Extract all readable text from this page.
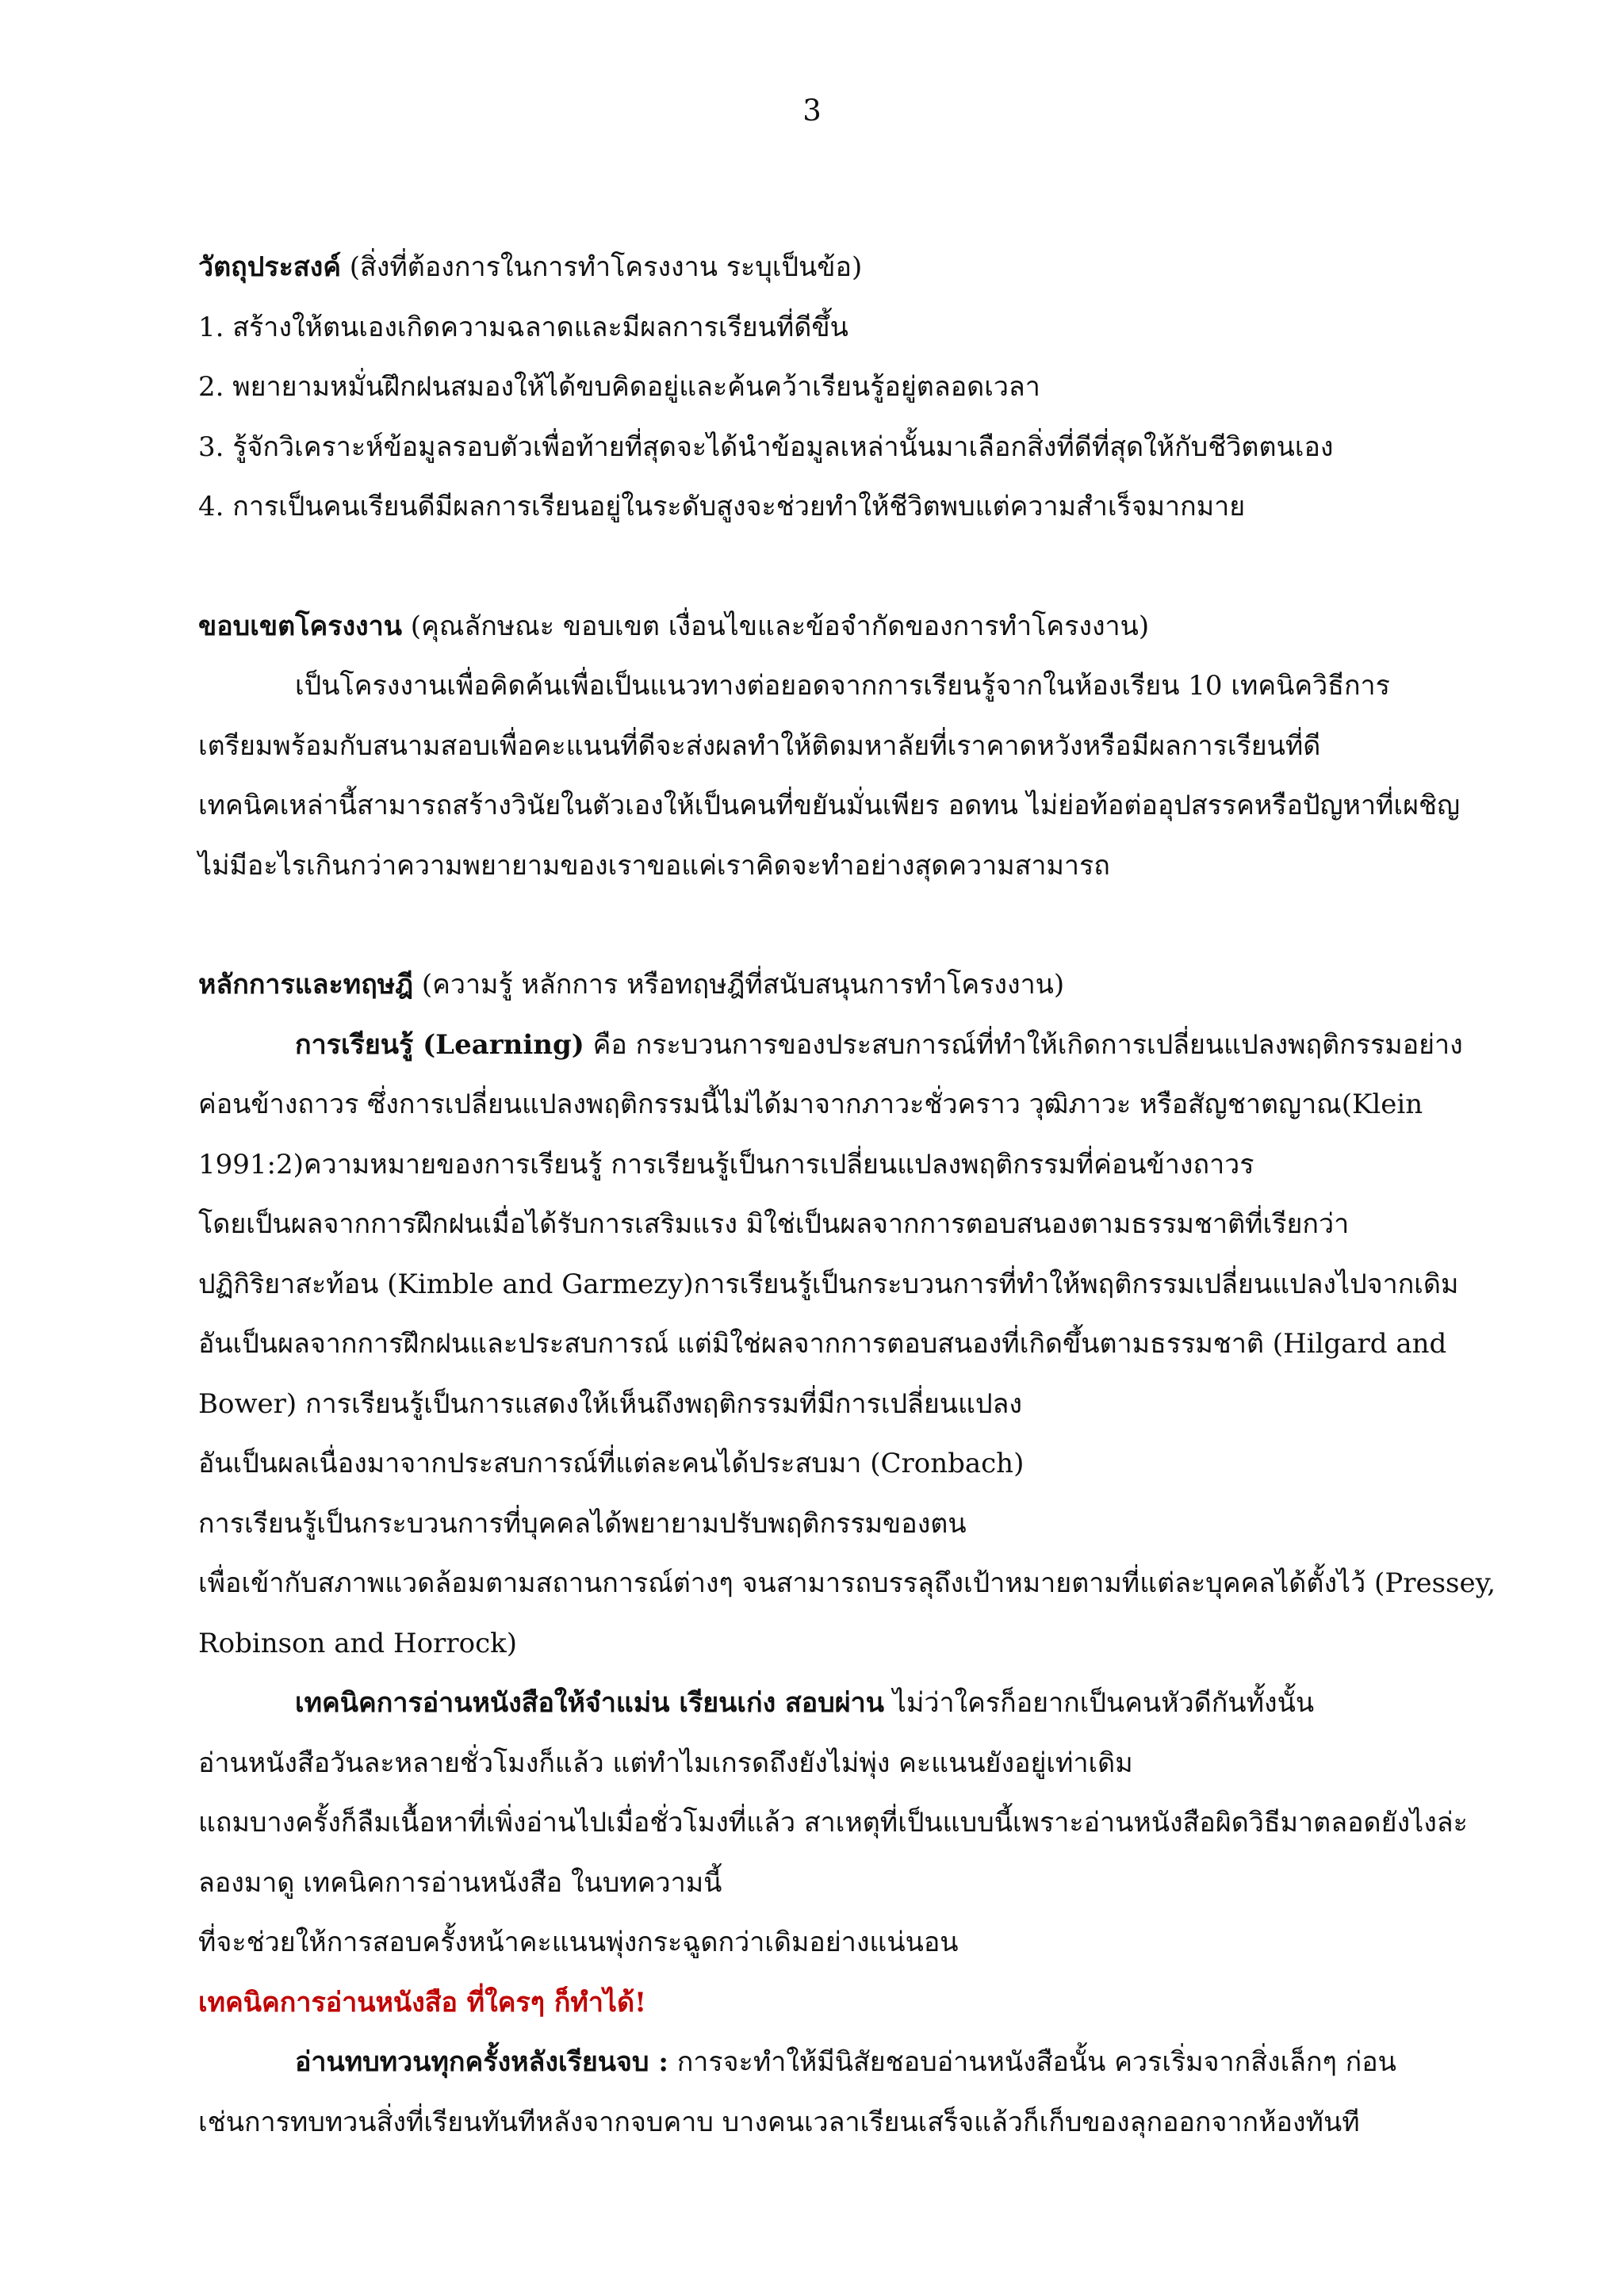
3

วัตถุประสงค์ (สิ่งที่ต้องการในการทำโครงงาน ระบุเป็นข้อ)

1. สร้างให้ตนเองเกิดความฉลาดและมีผลการเรียนที่ดีขึ้น

2. พยายามหมั่นฝึกฝนสมองให้ได้ขบคิดอยู่และค้นคว้าเรียนรู้อยู่ตลอดเวลา

3. รู้จักวิเคราะห์ข้อมูลรอบตัวเพื่อท้ายที่สุดจะได้นำข้อมูลเหล่านั้นมาเลือกสิ่งที่ดีที่สุดให้กับชีวิตตนเอง

4. การเป็นคนเรียนดีมีผลการเรียนอยู่ในระดับสูงจะช่วยทำให้ชีวิตพบแต่ความสำเร็จมากมาย

ขอบเขตโครงงาน (คุณลักษณะ ขอบเขต เงื่อนไขและข้อจำกัดของการทำโครงงาน)

เป็นโครงงานเพื่อคิดค้นเพื่อเป็นแนวทางต่อยอดจากการเรียนรู้จากในห้องเรียน 10 เทคนิควิธีการ

เตรียมพร้อมกับสนามสอบเพื่อคะแนนที่ดีจะส่งผลทำให้ติดมหาลัยที่เราคาดหวังหรือมีผลการเรียนที่ดี

เทคนิคเหล่านี้สามารถสร้างวินัยในตัวเองให้เป็นคนที่ขยันมั่นเพียร อดทน ไม่ย่อท้อต่ออุปสรรคหรือปัญหาที่เผชิญ

ไม่มีอะไรเกินกว่าความพยายามของเราขอแค่เราคิดจะทำอย่างสุดความสามารถ

หลักการและทฤษฎี (ความรู้ หลักการ หรือทฤษฎีที่สนับสนุนการทำโครงงาน)

การเรียนรู้ (Learning) คือ กระบวนการของประสบการณ์ที่ทำให้เกิดการเปลี่ยนแปลงพฤติกรรมอย่าง

ค่อนข้างถาวร ซึ่งการเปลี่ยนแปลงพฤติกรรมนี้ไม่ได้มาจากภาวะชั่วคราว วุฒิภาวะ หรือสัญชาตญาณ(Klein

1991:2)ความหมายของการเรียนรู้ การเรียนรู้เป็นการเปลี่ยนแปลงพฤติกรรมที่ค่อนข้างถาวร

โดยเป็นผลจากการฝึกฝนเมื่อได้รับการเสริมแรง มิใช่เป็นผลจากการตอบสนองตามธรรมชาติที่เรียกว่า

ปฏิกิริยาสะท้อน (Kimble and Garmezy)การเรียนรู้เป็นกระบวนการที่ทำให้พฤติกรรมเปลี่ยนแปลงไปจากเดิม

อันเป็นผลจากการฝึกฝนและประสบการณ์ แต่มิใช่ผลจากการตอบสนองที่เกิดขึ้นตามธรรมชาติ (Hilgard and

Bower) การเรียนรู้เป็นการแสดงให้เห็นถึงพฤติกรรมที่มีการเปลี่ยนแปลง

อันเป็นผลเนื่องมาจากประสบการณ์ที่แต่ละคนได้ประสบมา (Cronbach)

การเรียนรู้เป็นกระบวนการที่บุคคลได้พยายามปรับพฤติกรรมของตน

เพื่อเข้ากับสภาพแวดล้อมตามสถานการณ์ต่างๆ จนสามารถบรรลุถึงเป้าหมายตามที่แต่ละบุคคลได้ตั้งไว้ (Pressey,

Robinson and Horrock)

เทคนิคการอ่านหนังสือให้จำแม่น เรียนเก่ง สอบผ่าน ไม่ว่าใครก็อยากเป็นคนหัวดีกันทั้งนั้น

อ่านหนังสือวันละหลายชั่วโมงก็แล้ว แต่ทำไมเกรดถึงยังไม่พุ่ง คะแนนยังอยู่เท่าเดิม

แถมบางครั้งก็ลืมเนื้อหาที่เพิ่งอ่านไปเมื่อชั่วโมงที่แล้ว สาเหตุที่เป็นแบบนี้เพราะอ่านหนังสือผิดวิธีมาตลอดยังไงล่ะ

ลองมาดู เทคนิคการอ่านหนังสือ ในบทความนี้

ที่จะช่วยให้การสอบครั้งหน้าคะแนนพุ่งกระฉูดกว่าเดิมอย่างแน่นอน

เทคนิคการอ่านหนังสือ ที่ใครๆ ก็ทำได้!

อ่านทบทวนทุกครั้งหลังเรียนจบ : การจะทำให้มีนิสัยชอบอ่านหนังสือนั้น ควรเริ่มจากสิ่งเล็กๆ ก่อน

เช่นการทบทวนสิ่งที่เรียนทันทีหลังจากจบคาบ บางคนเวลาเรียนเสร็จแล้วก็เก็บของลุกออกจากห้องทันที
